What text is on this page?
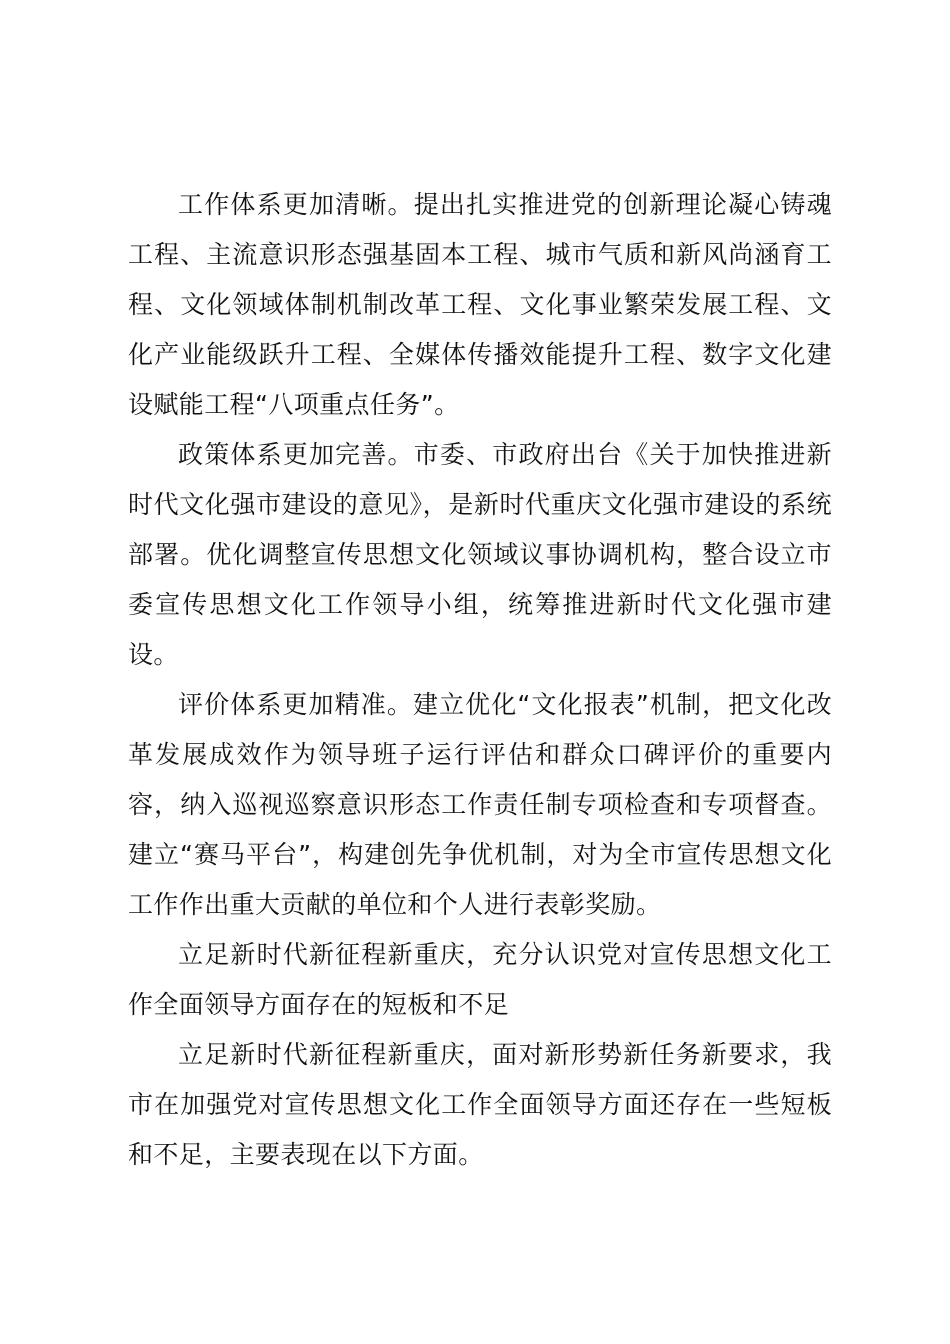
工作体系更加清晰。提出扎实推进党的创新理论凝心铸魂工程、主流意识形态强基固本工程、城市气质和新风尚涵育工程、文化领域体制机制改革工程、文化事业繁荣发展工程、文化产业能级跃升工程、全媒体传播效能提升工程、数字文化建设赋能工程“八项重点任务”。

政策体系更加完善。市委、市政府出台《关于加快推进新时代文化强市建设的意见》，是新时代重庆文化强市建设的系统部署。优化调整宣传思想文化领域议事协调机构，整合设立市委宣传思想文化工作领导小组，统筹推进新时代文化强市建设。

评价体系更加精准。建立优化“文化报表”机制，把文化改革发展成效作为领导班子运行评估和群众口碑评价的重要内容，纳入巡视巡察意识形态工作责任制专项检查和专项督查。建立“赛马平台”，构建创先争优机制，对为全市宣传思想文化工作作出重大贡献的单位和个人进行表彰奖励。

立足新时代新征程新重庆，充分认识党对宣传思想文化工作全面领导方面存在的短板和不足

立足新时代新征程新重庆，面对新形势新任务新要求，我市在加强党对宣传思想文化工作全面领导方面还存在一些短板和不足，主要表现在以下方面。
